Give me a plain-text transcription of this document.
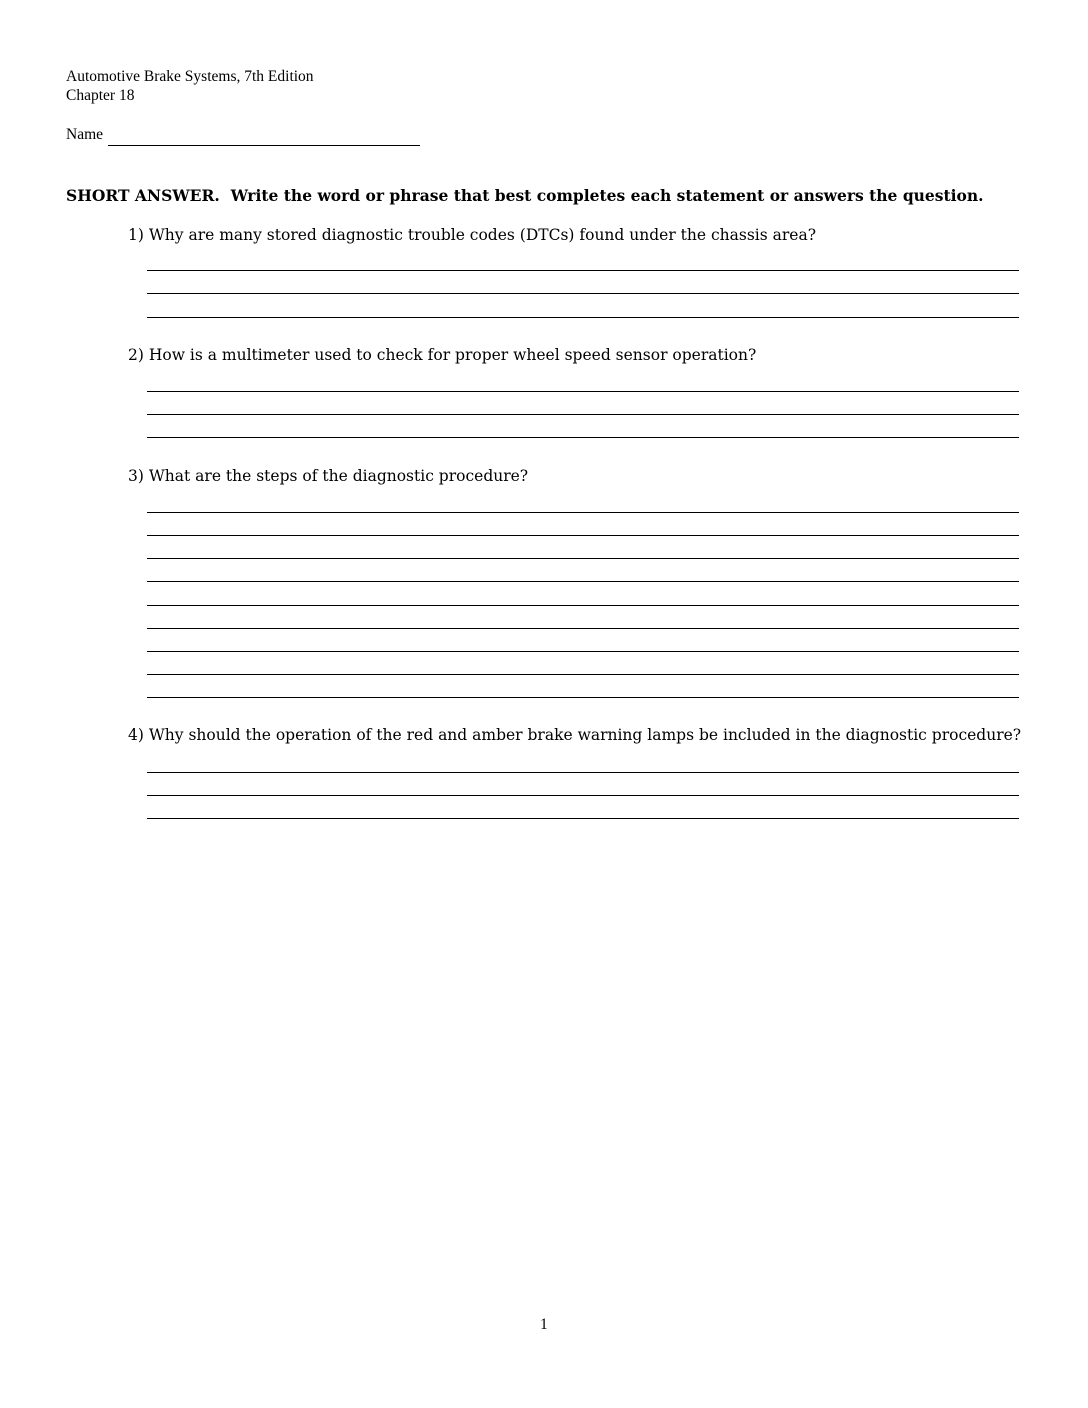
Automotive Brake Systems, 7th Edition
Chapter 18
Name
SHORT ANSWER. Write the word or phrase that best completes each statement or answers the question.
1) Why are many stored diagnostic trouble codes (DTCs) found under the chassis area?
2) How is a multimeter used to check for proper wheel speed sensor operation?
3) What are the steps of the diagnostic procedure?
4) Why should the operation of the red and amber brake warning lamps be included in the diagnostic procedure?
1
